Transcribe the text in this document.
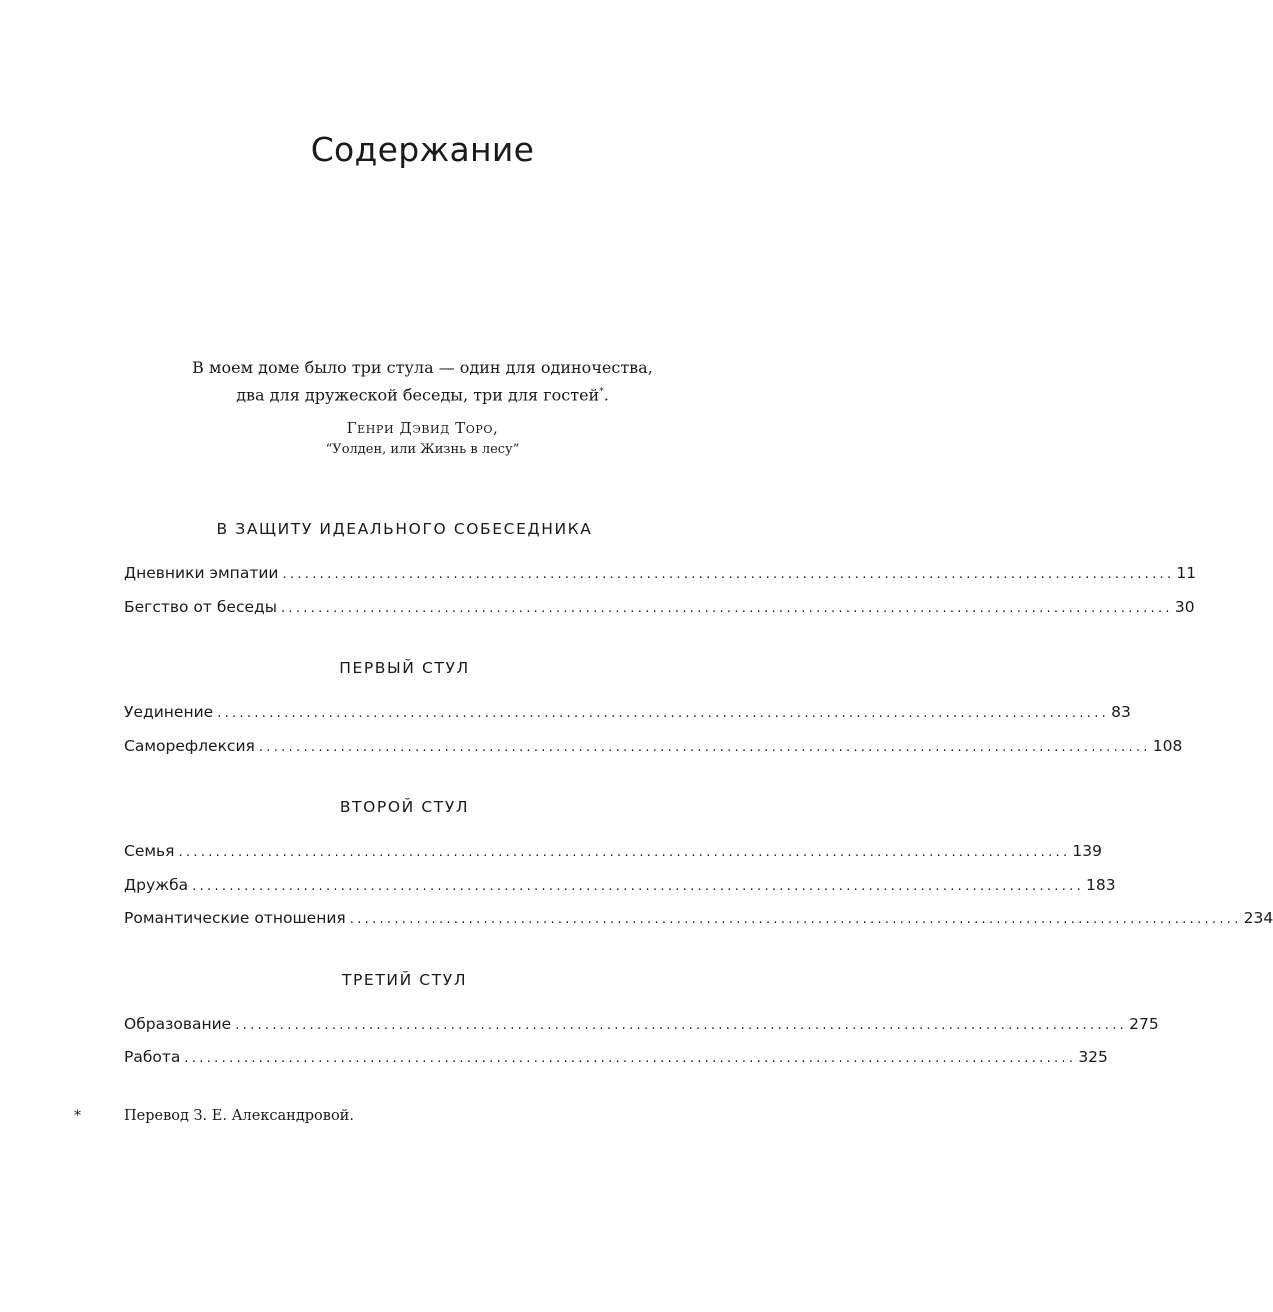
Содержание
В моем доме было три стула — один для одиночества,
два для дружеской беседы, три для гостей*.
Генри Дэвид Торо,
“Уолден, или Жизнь в лесу”
В ЗАЩИТУ ИДЕАЛЬНОГО СОБЕСЕДНИКА
Дневники эмпатии ........................................................................................................................ 11
Бегство от беседы ........................................................................................................................ 30
ПЕРВЫЙ СТУЛ
Уединение ........................................................................................................................ 83
Саморефлексия ........................................................................................................................ 108
ВТОРОЙ СТУЛ
Семья ........................................................................................................................ 139
Дружба ........................................................................................................................ 183
Романтические отношения ........................................................................................................................ 234
ТРЕТИЙ СТУЛ
Образование ........................................................................................................................ 275
Работа ........................................................................................................................ 325
*	Перевод З. Е. Александровой.
